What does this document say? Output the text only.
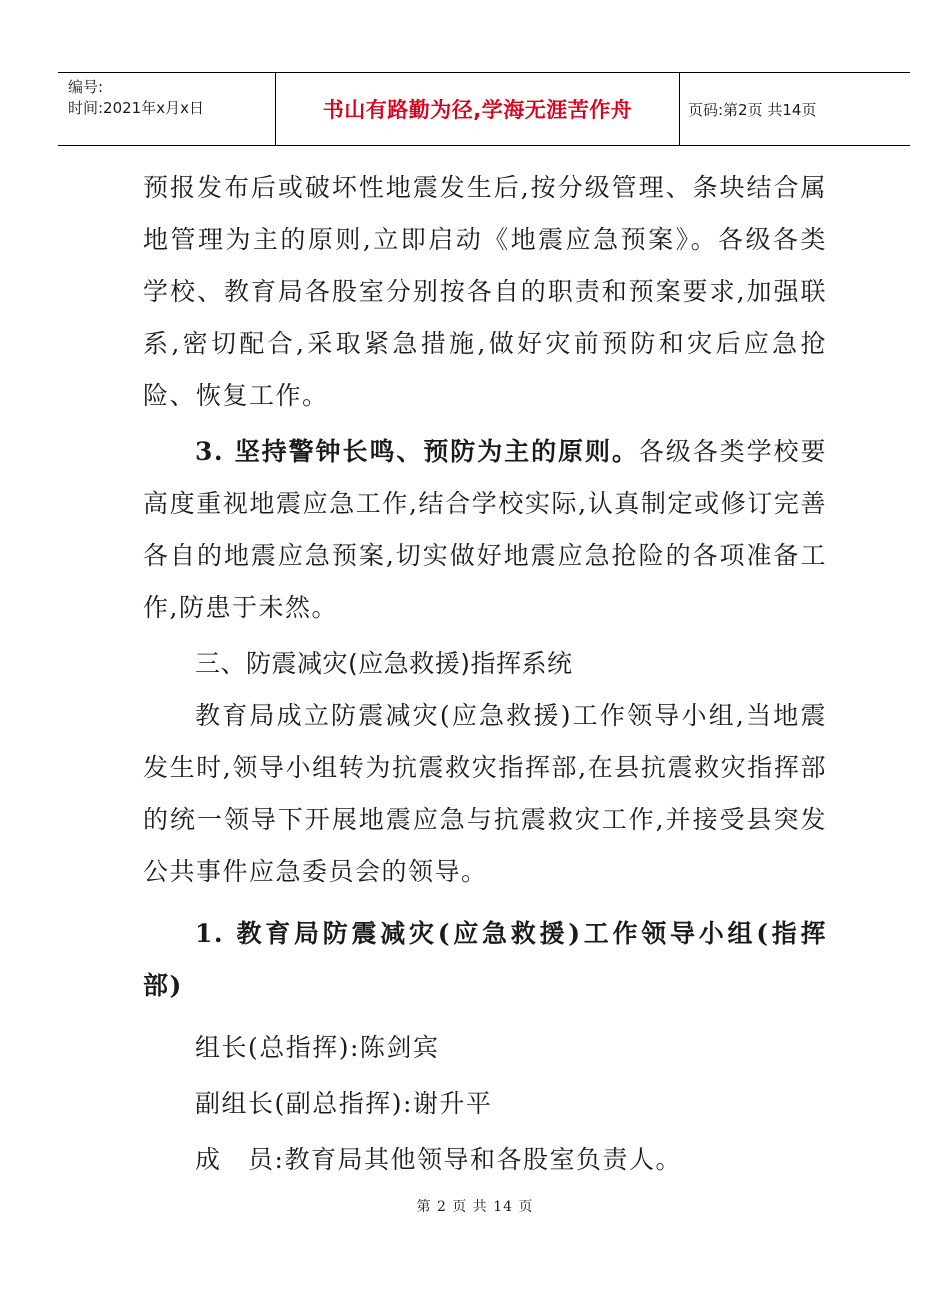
编号:
时间:2021年x月x日	书山有路勤为径,学海无涯苦作舟	页码:第2页 共14页

预报发布后或破坏性地震发生后,按分级管理、条块结合属地管理为主的原则,立即启动《地震应急预案》。各级各类学校、教育局各股室分别按各自的职责和预案要求,加强联系,密切配合,采取紧急措施,做好灾前预防和灾后应急抢险、恢复工作。

3. 坚持警钟长鸣、预防为主的原则。各级各类学校要高度重视地震应急工作,结合学校实际,认真制定或修订完善各自的地震应急预案,切实做好地震应急抢险的各项准备工作,防患于未然。

三、防震减灾(应急救援)指挥系统

教育局成立防震减灾(应急救援)工作领导小组,当地震发生时,领导小组转为抗震救灾指挥部,在县抗震救灾指挥部的统一领导下开展地震应急与抗震救灾工作,并接受县突发公共事件应急委员会的领导。

1. 教育局防震减灾(应急救援)工作领导小组(指挥

部)

组长(总指挥):陈剑宾

副组长(副总指挥):谢升平

成  员:教育局其他领导和各股室负责人。

第 2 页 共 14 页
